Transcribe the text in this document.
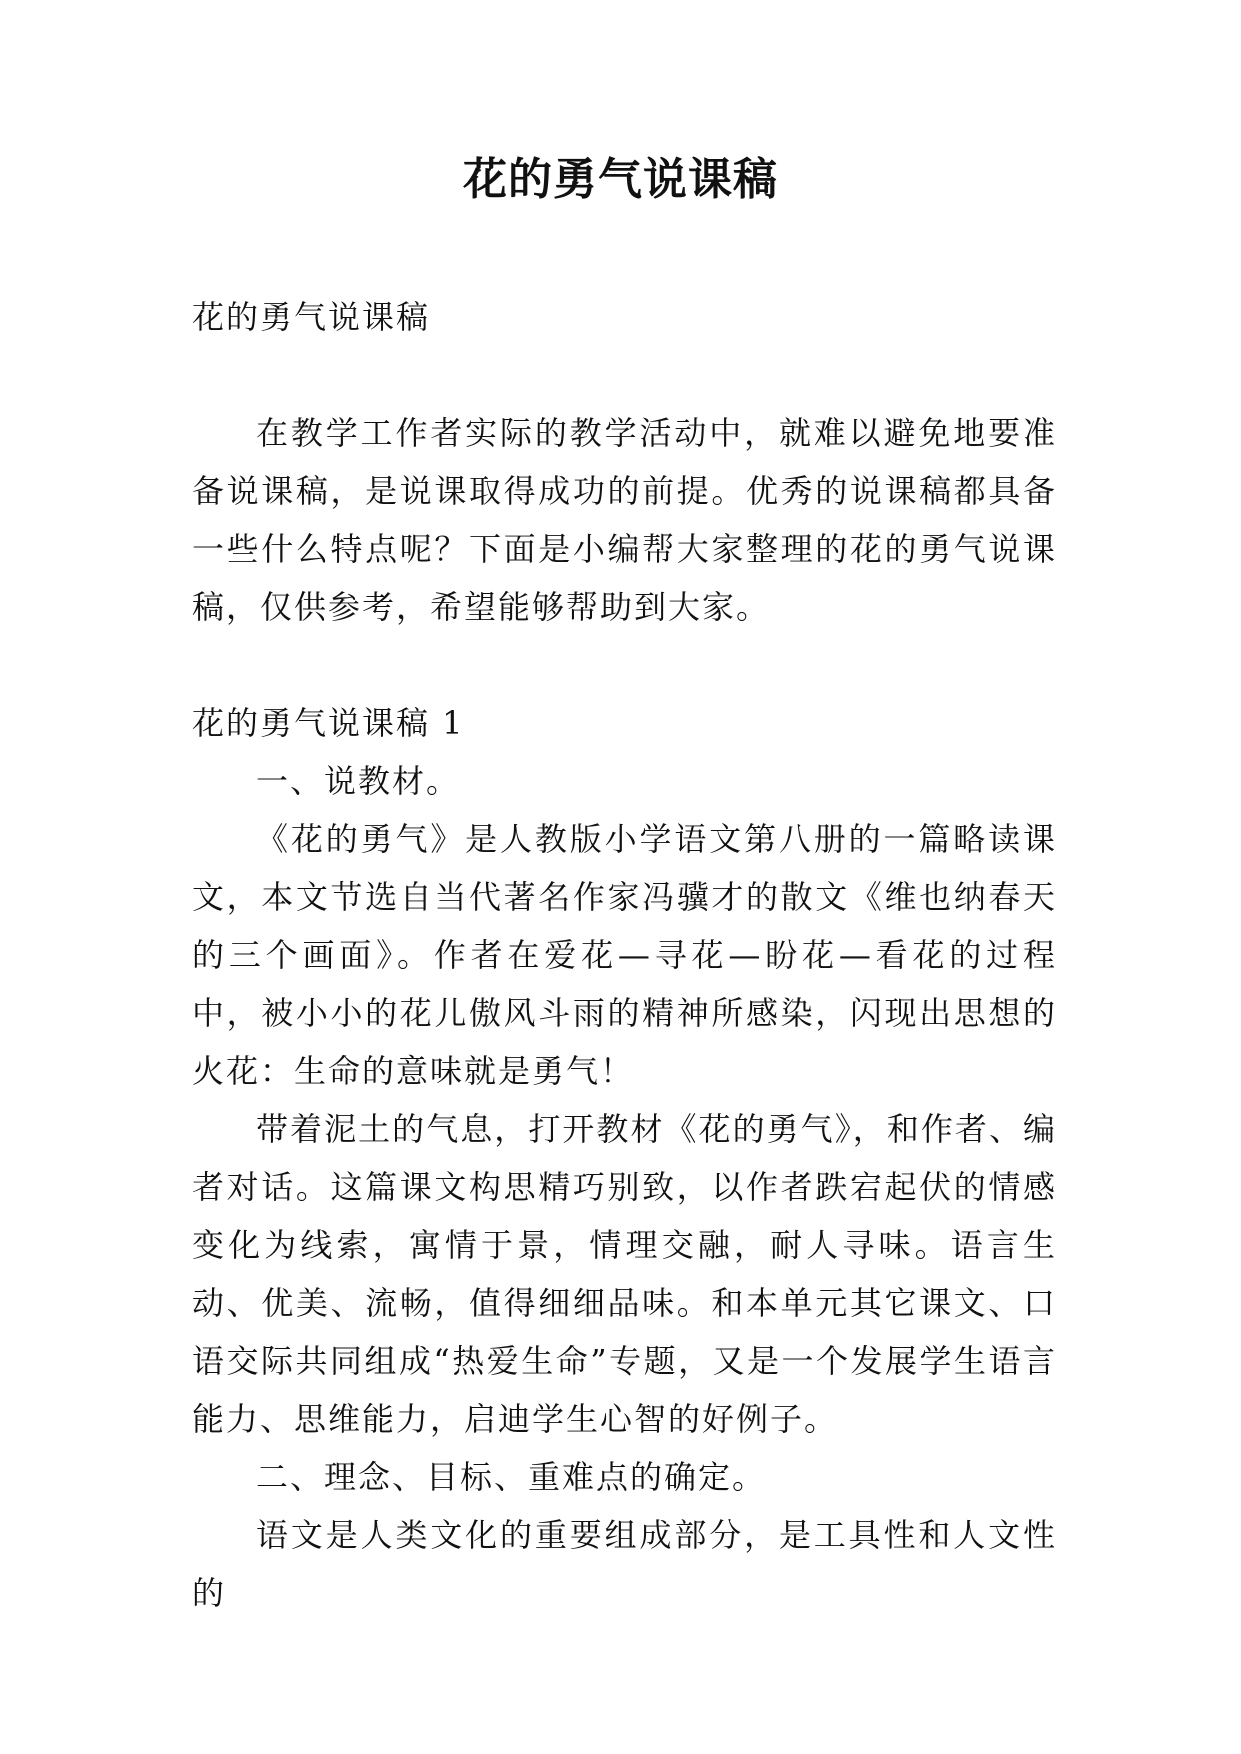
花的勇气说课稿

花的勇气说课稿

在教学工作者实际的教学活动中，就难以避免地要准备说课稿，是说课取得成功的前提。优秀的说课稿都具备一些什么特点呢？下面是小编帮大家整理的花的勇气说课稿，仅供参考，希望能够帮助到大家。

花的勇气说课稿 1

一、说教材。

《花的勇气》是人教版小学语文第八册的一篇略读课文，本文节选自当代著名作家冯骥才的散文《维也纳春天的三个画面》。作者在爱花—寻花—盼花—看花的过程中，被小小的花儿傲风斗雨的精神所感染，闪现出思想的火花：生命的意味就是勇气！

带着泥土的气息，打开教材《花的勇气》，和作者、编者对话。这篇课文构思精巧别致，以作者跌宕起伏的情感变化为线索，寓情于景，情理交融，耐人寻味。语言生动、优美、流畅，值得细细品味。和本单元其它课文、口语交际共同组成“热爱生命”专题，又是一个发展学生语言能力、思维能力，启迪学生心智的好例子。

二、理念、目标、重难点的确定。

语文是人类文化的重要组成部分，是工具性和人文性的
